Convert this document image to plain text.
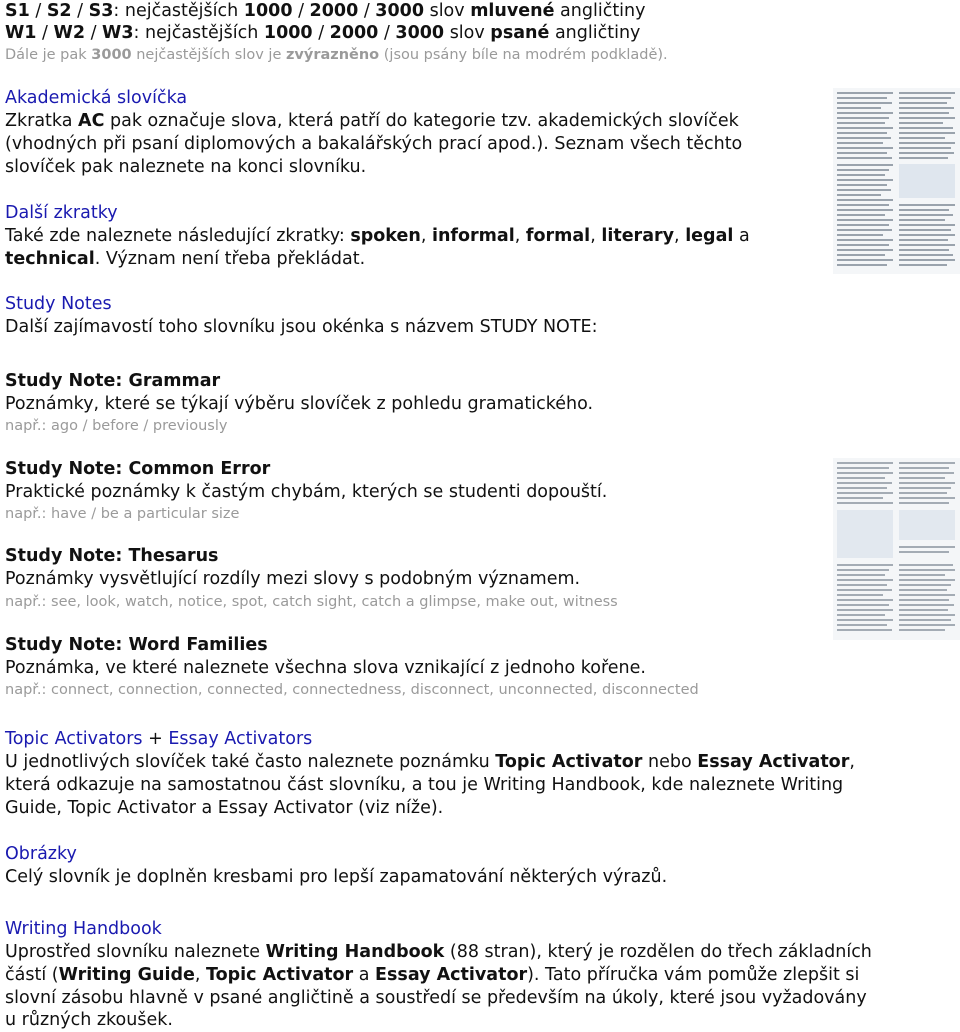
S1 / S2 / S3: nejčastějších 1000 / 2000 / 3000 slov mluvené angličtiny
W1 / W2 / W3: nejčastějších 1000 / 2000 / 3000 slov psané angličtiny
Dále je pak 3000 nejčastějších slov je zvýrazněno (jsou psány bíle na modrém podkladě).
Akademická slovíčka
Zkratka AC pak označuje slova, která patří do kategorie tzv. akademických slovíček
(vhodných při psaní diplomových a bakalářských prací apod.). Seznam všech těchto
slovíček pak naleznete na konci slovníku.
Další zkratky
Také zde naleznete následující zkratky: spoken, informal, formal, literary, legal a
technical. Význam není třeba překládat.
Study Notes
Další zajímavostí toho slovníku jsou okénka s názvem STUDY NOTE:
Study Note: Grammar
Poznámky, které se týkají výběru slovíček z pohledu gramatického.
např.: ago / before / previously
Study Note: Common Error
Praktické poznámky k častým chybám, kterých se studenti dopouští.
např.: have / be a particular size
Study Note: Thesarus
Poznámky vysvětlující rozdíly mezi slovy s podobným významem.
např.: see, look, watch, notice, spot, catch sight, catch a glimpse, make out, witness
Study Note: Word Families
Poznámka, ve které naleznete všechna slova vznikající z jednoho kořene.
např.: connect, connection, connected, connectedness, disconnect, unconnected, disconnected
Topic Activators + Essay Activators
U jednotlivých slovíček také často naleznete poznámku Topic Activator nebo Essay Activator,
která odkazuje na samostatnou část slovníku, a tou je Writing Handbook, kde naleznete Writing
Guide, Topic Activator a Essay Activator (viz níže).
Obrázky
Celý slovník je doplněn kresbami pro lepší zapamatování některých výrazů.
Writing Handbook
Uprostřed slovníku naleznete Writing Handbook (88 stran), který je rozdělen do třech základních
částí (Writing Guide, Topic Activator a Essay Activator). Tato příručka vám pomůže zlepšit si
slovní zásobu hlavně v psané angličtině a soustředí se především na úkoly, které jsou vyžadovány
u různých zkoušek.
